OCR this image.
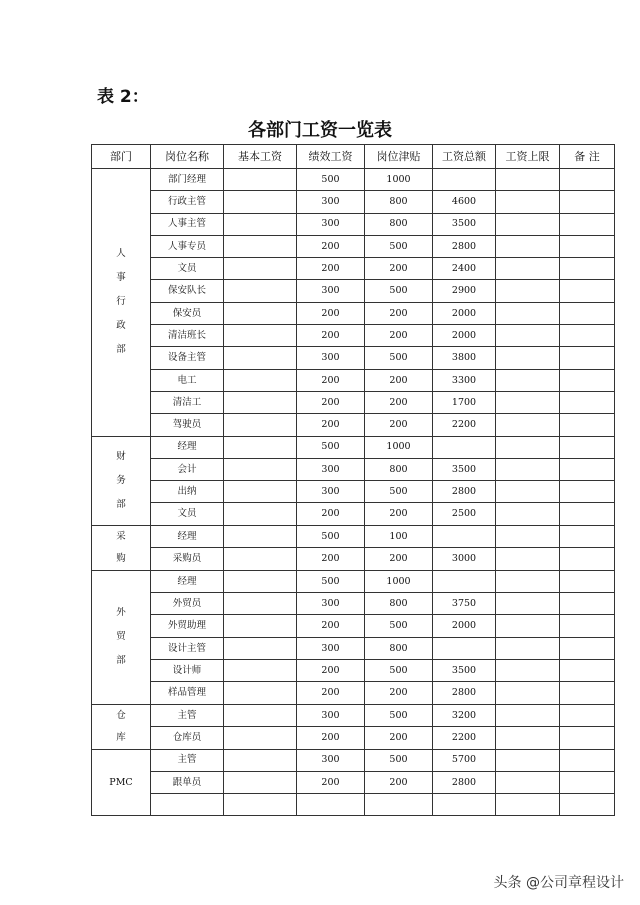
表 2：
各部门工资一览表
部门	岗位名称	基本工资	绩效工资	岗位津贴	工资总额	工资上限	备 注
人事行政部	部门经理		500	1000			
	行政主管		300	800	4600		
	人事主管		300	800	3500		
	人事专员		200	500	2800		
	文员		200	200	2400		
	保安队长		300	500	2900		
	保安员		200	200	2000		
	清洁班长		200	200	2000		
	设备主管		300	500	3800		
	电工		200	200	3300		
	清洁工		200	200	1700		
	驾驶员		200	200	2200		
财务部	经理		500	1000			
	会计		300	800	3500		
	出纳		300	500	2800		
	文员		200	200	2500		
采购	经理		500	100			
	采购员		200	200	3000		
外贸部	经理		500	1000			
	外贸员		300	800	3750		
	外贸助理		200	500	2000		
	设计主管		300	800			
	设计师		200	500	3500		
	样品管理		200	200	2800		
仓库	主管		300	500	3200		
	仓库员		200	200	2200		
PMC	主管		300	500	5700		
	跟单员		200	200	2800		

头条 @公司章程设计
